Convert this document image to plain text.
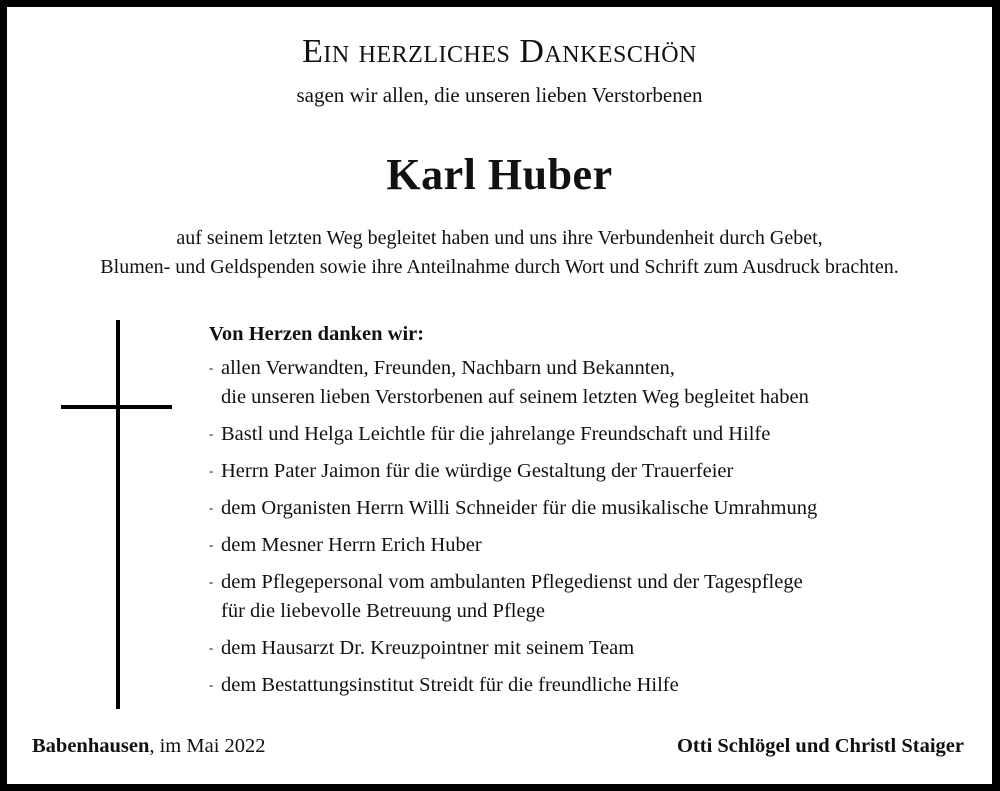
Ein herzliches Dankeschön
sagen wir allen, die unseren lieben Verstorbenen
Karl Huber
auf seinem letzten Weg begleitet haben und uns ihre Verbundenheit durch Gebet,
Blumen- und Geldspenden sowie ihre Anteilnahme durch Wort und Schrift zum Ausdruck brachten.
Von Herzen danken wir:
- allen Verwandten, Freunden, Nachbarn und Bekannten,
die unseren lieben Verstorbenen auf seinem letzten Weg begleitet haben
- Bastl und Helga Leichtle für die jahrelange Freundschaft und Hilfe
- Herrn Pater Jaimon für die würdige Gestaltung der Trauerfeier
- dem Organisten Herrn Willi Schneider für die musikalische Umrahmung
- dem Mesner Herrn Erich Huber
- dem Pflegepersonal vom ambulanten Pflegedienst und der Tagespflege
für die liebevolle Betreuung und Pflege
- dem Hausarzt Dr. Kreuzpointner mit seinem Team
- dem Bestattungsinstitut Streidt für die freundliche Hilfe
Babenhausen, im Mai 2022	Otti Schlögel und Christl Staiger
